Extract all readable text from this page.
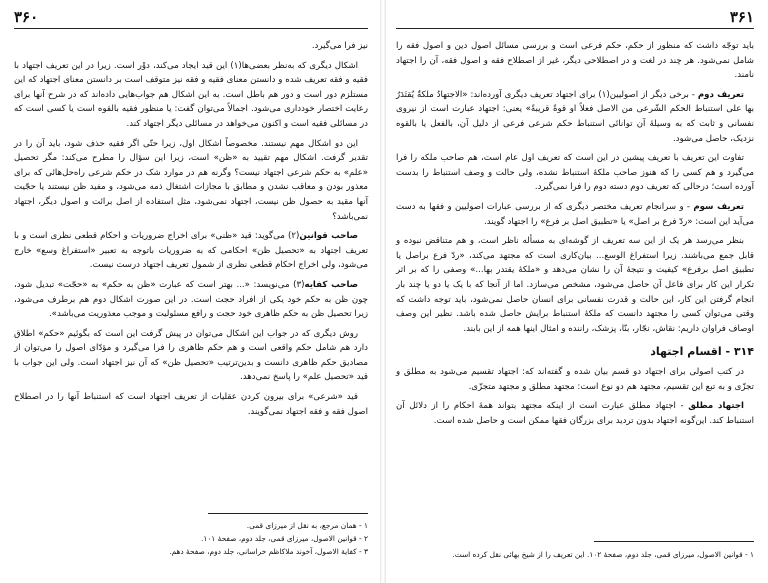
۳۶۰

نیز فرا می‌گیرد.

اشکال دیگری که به‌نظر بعضی‌ها(۱) این قید ایجاد می‌کند، دوْر است. زیرا در این تعریف اجتهاد با فقیه و فقه تعریف شده و دانستن معنای فقیه و فقه نیز متوقف است بر دانستن معنای اجتهاد که این مستلزم دور است و دور هم باطل است. به این اشکال هم جواب‌هایی داده‌اند که در شرح آنها برای رعایت اختصار خودداری می‌شود. اجمالاً می‌توان گفت: یا منظور فقیه بالقوه است یا کسی است که در مسائلی فقیه است و اکنون می‌خواهد در مسائلی دیگر اجتهاد کند.

این دو اشکال مهم نیستند. مخصوصاً اشکال اول، زیرا حتّی اگر فقیه حذف شود، باید آن را در تقدیر گرفت. اشکال مهم تقیید به «ظن» است، زیرا این سؤال را مطرح می‌کند: مگر تحصیل «علم» به حکم شرعی اجتهاد نیست؟ وگرنه هم در موارد شک در حکم شرعی راه‌حل‌هائی که برای معذور بودن و معاقب نشدن و مطابق با مجازات اشتغال ذمه می‌شود، و مفید ظن نیستند یا حجّیت آنها مقید به حصول ظن نیست، اجتهاد نمی‌شود، مثل استفاده از اصل برائت و اصول دیگر، اجتهاد نمی‌باشد؟

صاحب قوانین(۲) می‌گوید: قید «ظنی» برای اخراج ضروریات و احکام قطعی نظری است و با تعریف اجتهاد به «تحصیل ظن» احکامی که به ضروریات باتوجه به تعبیر «استفراغ وسع» خارج می‌شود، ولی اخراج احکام قطعی نظری از شمول تعریف اجتهاد درست نیست.

صاحب کفایه(۳) می‌نویسد: «... بهتر است که عبارت «ظن به حکم» به «حجّت» تبدیل شود، چون ظن به حکم خود یکی از افراد حجت است. در این صورت اشکال دوم هم برطرف می‌شود، زیرا تحصیل ظن به حکم ظاهری خود حجت و رافع مسئولیت و موجب معذوریت می‌باشد».

روش دیگری که در جواب این اشکال می‌توان در پیش گرفت این است که بگوئیم «حکم» اطلاق دارد هم شامل حکم واقعی است و هم حکم ظاهری را فرا می‌گیرد و مؤدّای اصول را می‌توان از مصادیق حکم ظاهری دانست و بدین‌ترتیب «تحصیل ظن» که آن نیز اجتهاد است. ولی این جواب با قید «تحصیل علم» را پاسخ نمی‌دهد.

قید «شرعی» برای بیرون کردن عقلیات از تعریف اجتهاد است که استنباط آنها را در اصطلاح اصول فقه و فقه اجتهاد نمی‌گویند.

۱ - همان مرجع، به نقل از میرزای قمی.

۲ - قوانین الاصول، میرزای قمی، جلد دوم، صفحهٔ ۱۰۱.

۳ - کفایة الاصول، آخوند ملاکاظم خراسانی، جلد دوم، صفحهٔ دهم.

۳۶۱

باید توجّه داشت که منظور از حکم، حکم فرعی است و بررسی مسائل اصول دین و اصول فقه را شامل نمی‌شود. هر چند در لغت و در اصطلاحی دیگر، غیر از اصطلاح فقه و اصول فقه، آن را اجتهاد نامند.

تعریف دوم - برخی دیگر از اصولیین(۱) برای اجتهاد تعریف دیگری آورده‌اند: «الاجتهادُ ملکةٌ یُقتَدَرُ بها علی استنباط الحکم الشّرعی من الاصل فعلاً او قوةً قریبةً» یعنی: اجتهاد عبارت است از نیروی نفسانی و ثابت که به وسیلهٔ آن توانائی استنباط حکم شرعی فرعی از دلیل آن، بالفعل یا بالقوه نزدیک، حاصل می‌شود.

تفاوت این تعریف با تعریف پیشین در این است که تعریف اول عام است، هم صاحب ملکه را فرا می‌گیرد و هم کسی را که هنوز صاحب ملکهٔ استنباط نشده، ولی حالت و وصف استنباط را بدست آورده است؛ درحالی که تعریف دوم دسته دوم را فرا نمی‌گیرد.

تعریف سوم - و سرانجام تعریف مختصر دیگری که از بررسی عبارات اصولیین و فقها به دست می‌آید این است: «ردّ فرع بر اصل» یا «تطبیق اصل بر فرع» را اجتهاد گویند.

بنظر می‌رسد هر یک از این سه تعریف از گوشه‌ای به مسأله ناظر است، و هم متناقض نبوده و قابل جمع می‌باشند. زیرا استفراغ الوسع... بیان‌کاری است که مجتهد می‌کند، «ردّ فرع براصل یا تطبیق اصل برفرع» کیفیت و نتیجهٔ آن را نشان می‌دهد و «ملکهٔ یقتدر بها...» وصفی را که بر اثر تکرار این کار برای فاعل آن حاصل می‌شود، مشخص می‌سازد. اما از آنجا که با یک یا دو یا چند بار انجام گرفتن این کار، این حالت و قدرت نفسانی برای انسان حاصل نمی‌شود، باید توجه داشت که وقتی می‌توان کسی را مجتهد دانست که ملکهٔ استنباط برایش حاصل شده باشد. نظیر این وصف اوصاف فراوان داریم: نقاش، نجّار، بنّا، پزشک، راننده و امثال اینها همه از این بابند.

۳۱۴ - اقسام اجتهاد

در کتب اصولی برای اجتهاد دو قسم بیان شده و گفته‌اند که: اجتهاد تقسیم می‌شود به مطلق و تجزّی و به تبع این تقسیم، مجتهد هم دو نوع است: مجتهد مطلق و مجتهد متجزّی.

اجتهاد مطلق - اجتهاد مطلق عبارت است از اینکه مجتهد بتواند همهٔ احکام را از دلائل آن استنباط کند. این‌گونه اجتهاد بدون تردید برای بزرگان فقها ممکن است و حاصل شده است.

۱ - قوانین الاصول، میرزای قمی، جلد دوم، صفحهٔ ۱۰۲. این تعریف را از شیخ بهائی نقل کرده است.
